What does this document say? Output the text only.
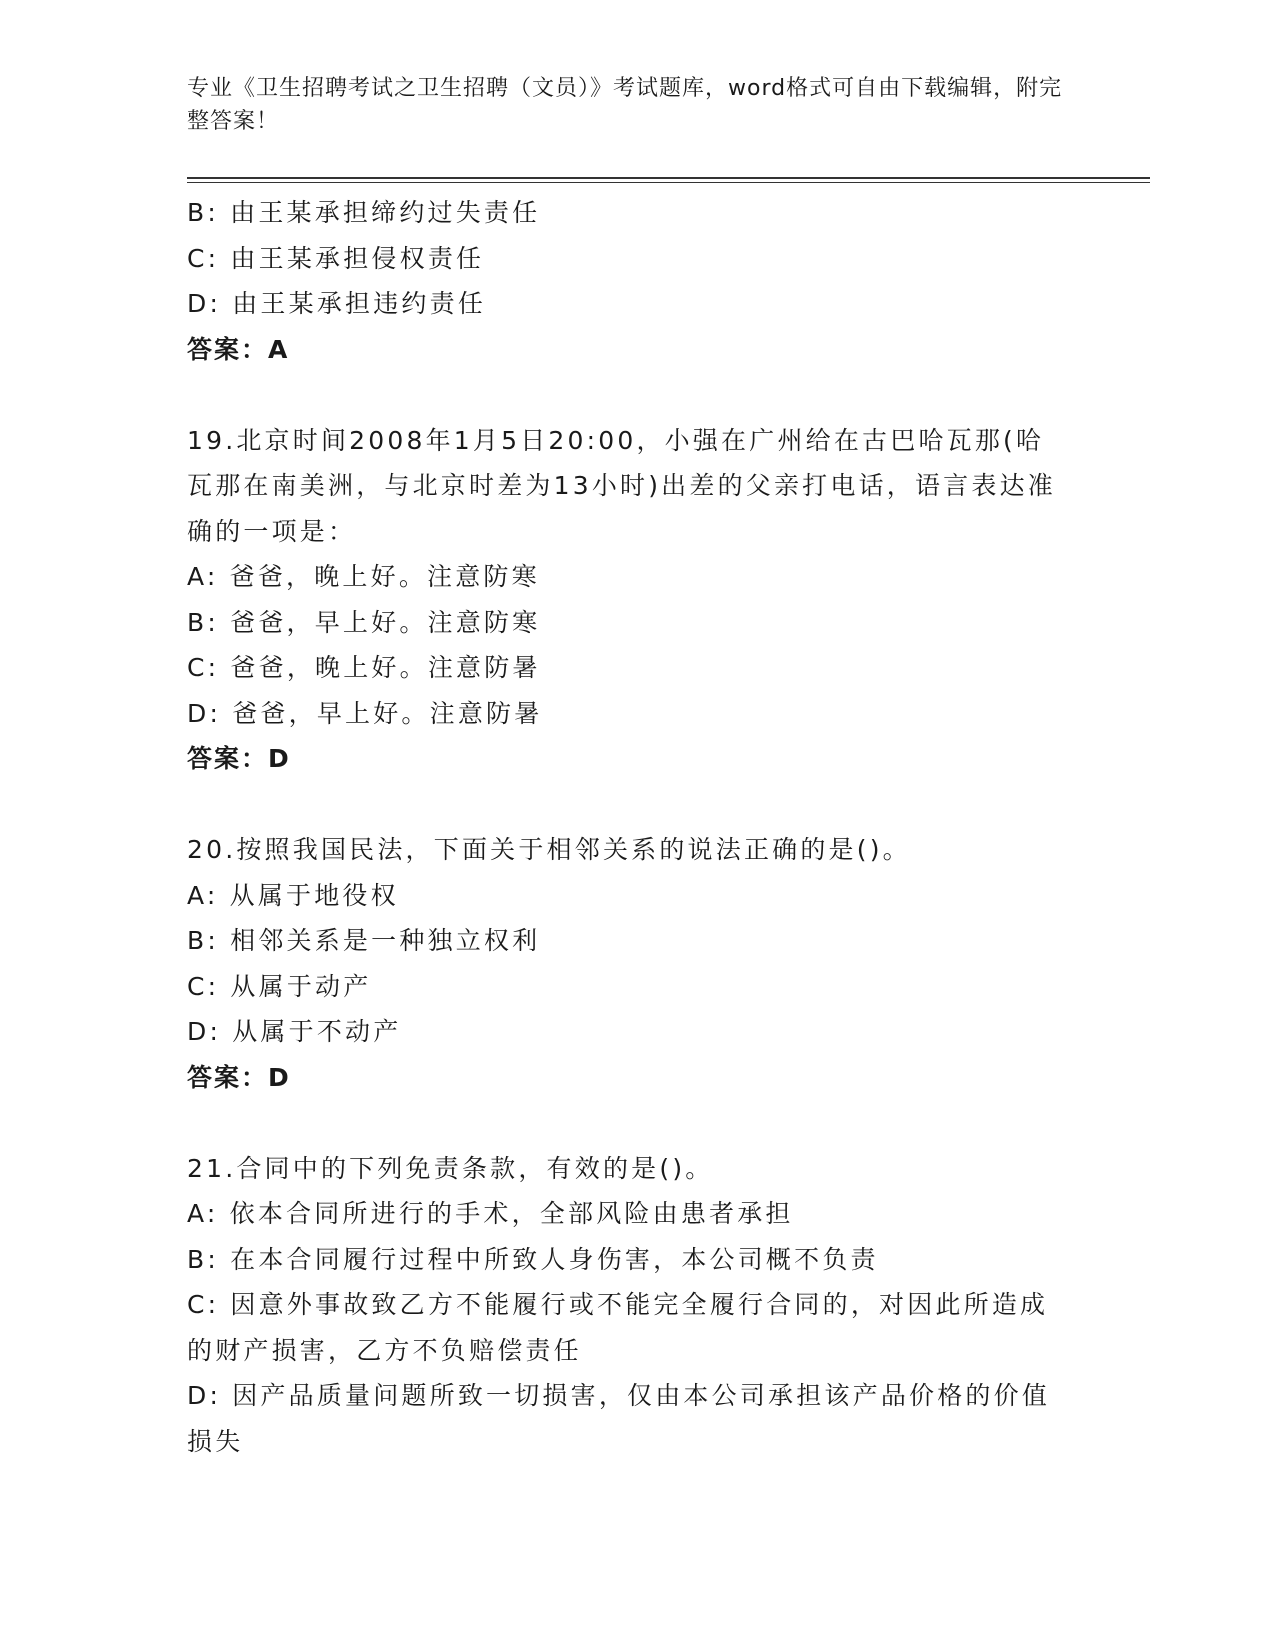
专业《卫生招聘考试之卫生招聘（文员）》考试题库，word格式可自由下载编辑，附完整答案！
B: 由王某承担缔约过失责任
C: 由王某承担侵权责任
D: 由王某承担违约责任
答案：A
19.北京时间2008年1月5日20:00，小强在广州给在古巴哈瓦那(哈瓦那在南美洲，与北京时差为13小时)出差的父亲打电话，语言表达准确的一项是：
A: 爸爸，晚上好。注意防寒
B: 爸爸，早上好。注意防寒
C: 爸爸，晚上好。注意防暑
D: 爸爸，早上好。注意防暑
答案：D
20.按照我国民法，下面关于相邻关系的说法正确的是()。
A: 从属于地役权
B: 相邻关系是一种独立权利
C: 从属于动产
D: 从属于不动产
答案：D
21.合同中的下列免责条款，有效的是()。
A: 依本合同所进行的手术，全部风险由患者承担
B: 在本合同履行过程中所致人身伤害，本公司概不负责
C: 因意外事故致乙方不能履行或不能完全履行合同的，对因此所造成的财产损害，乙方不负赔偿责任
D: 因产品质量问题所致一切损害，仅由本公司承担该产品价格的价值损失
